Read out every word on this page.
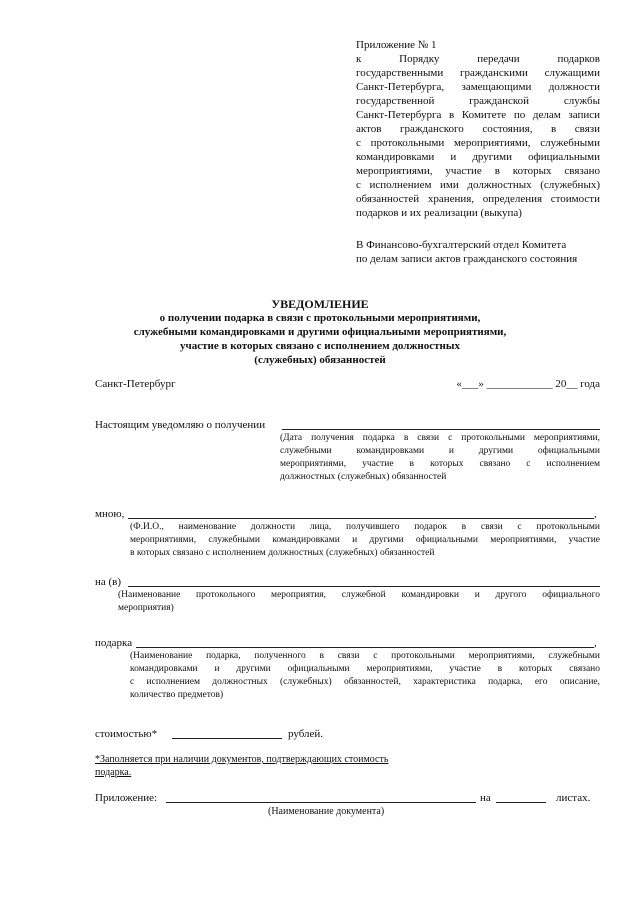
Приложение № 1
к Порядку передачи подарков
государственными гражданскими служащими
Санкт-Петербурга, замещающими должности
государственной гражданской службы
Санкт-Петербурга в Комитете по делам записи
актов гражданского состояния, в связи
с протокольными мероприятиями, служебными
командировками и другими официальными
мероприятиями, участие в которых связано
с исполнением ими должностных (служебных)
обязанностей хранения, определения стоимости
подарков и их реализации (выкупа)
В Финансово-бухгалтерский отдел Комитета
по делам записи актов гражданского состояния
УВЕДОМЛЕНИЕ
о получении подарка в связи с протокольными мероприятиями,
служебными командировками и другими официальными мероприятиями,
участие в которых связано с исполнением должностных
(служебных) обязанностей
Санкт-Петербург	«___» ____________ 20__ года
Настоящим уведомляю о получении
(Дата получения подарка в связи с протокольными мероприятиями,
служебными командировками и другими официальными
мероприятиями, участие в которых связано с исполнением
должностных (служебных) обязанностей
мною,	,
(Ф.И.О., наименование должности лица, получившего подарок в связи с протокольными
мероприятиями, служебными командировками и другими официальными мероприятиями, участие
в которых связано с исполнением должностных (служебных) обязанностей
на (в)
(Наименование протокольного мероприятия, служебной командировки и другого официального
мероприятия)
подарка	,
(Наименование подарка, полученного в связи с протокольными мероприятиями, служебными
командировками и другими официальными мероприятиями, участие в которых связано
с исполнением должностных (служебных) обязанностей, характеристика подарка, его описание,
количество предметов)
стоимостью*	рублей.
*Заполняется при наличии документов, подтверждающих стоимость
подарка.
Приложение:	на	листах.
(Наименование документа)
